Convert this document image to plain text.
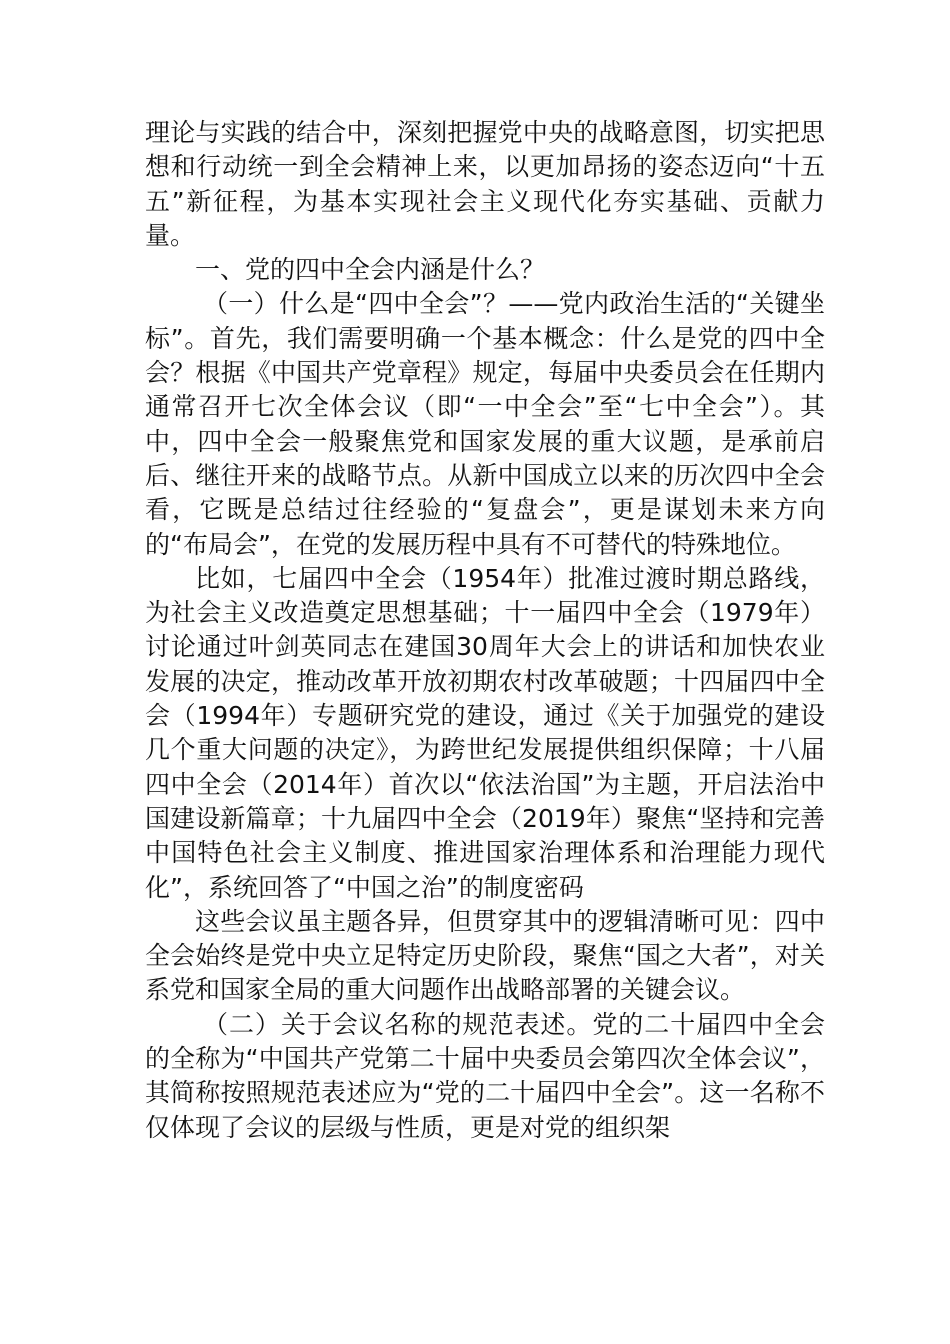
理论与实践的结合中，深刻把握党中央的战略意图，切实把思想和行动统一到全会精神上来，以更加昂扬的姿态迈向“十五五”新征程，为基本实现社会主义现代化夯实基础、贡献力量。

一、党的四中全会内涵是什么？

（一）什么是“四中全会”？——党内政治生活的“关键坐标”。首先，我们需要明确一个基本概念：什么是党的四中全会？根据《中国共产党章程》规定，每届中央委员会在任期内通常召开七次全体会议（即“一中全会”至“七中全会”）。其中，四中全会一般聚焦党和国家发展的重大议题，是承前启后、继往开来的战略节点。从新中国成立以来的历次四中全会看，它既是总结过往经验的“复盘会”，更是谋划未来方向的“布局会”，在党的发展历程中具有不可替代的特殊地位。

比如，七届四中全会（1954年）批准过渡时期总路线，为社会主义改造奠定思想基础；十一届四中全会（1979年）讨论通过叶剑英同志在建国30周年大会上的讲话和加快农业发展的决定，推动改革开放初期农村改革破题；十四届四中全会（1994年）专题研究党的建设，通过《关于加强党的建设几个重大问题的决定》，为跨世纪发展提供组织保障；十八届四中全会（2014年）首次以“依法治国”为主题，开启法治中国建设新篇章；十九届四中全会（2019年）聚焦“坚持和完善中国特色社会主义制度、推进国家治理体系和治理能力现代化”，系统回答了“中国之治”的制度密码

这些会议虽主题各异，但贯穿其中的逻辑清晰可见：四中全会始终是党中央立足特定历史阶段，聚焦“国之大者”，对关系党和国家全局的重大问题作出战略部署的关键会议。

（二）关于会议名称的规范表述。党的二十届四中全会的全称为“中国共产党第二十届中央委员会第四次全体会议”，其简称按照规范表述应为“党的二十届四中全会”。这一名称不仅体现了会议的层级与性质，更是对党的组织架
